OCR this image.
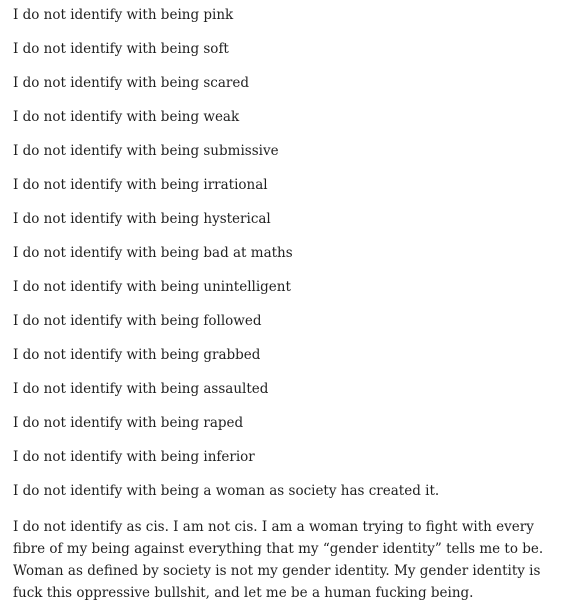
I do not identify with being pink

I do not identify with being soft

I do not identify with being scared

I do not identify with being weak

I do not identify with being submissive

I do not identify with being irrational

I do not identify with being hysterical

I do not identify with being bad at maths

I do not identify with being unintelligent

I do not identify with being followed

I do not identify with being grabbed

I do not identify with being assaulted

I do not identify with being raped

I do not identify with being inferior

I do not identify with being a woman as society has created it.

I do not identify as cis. I am not cis. I am a woman trying to fight with every fibre of my being against everything that my “gender identity” tells me to be. Woman as defined by society is not my gender identity. My gender identity is fuck this oppressive bullshit, and let me be a human fucking being.
